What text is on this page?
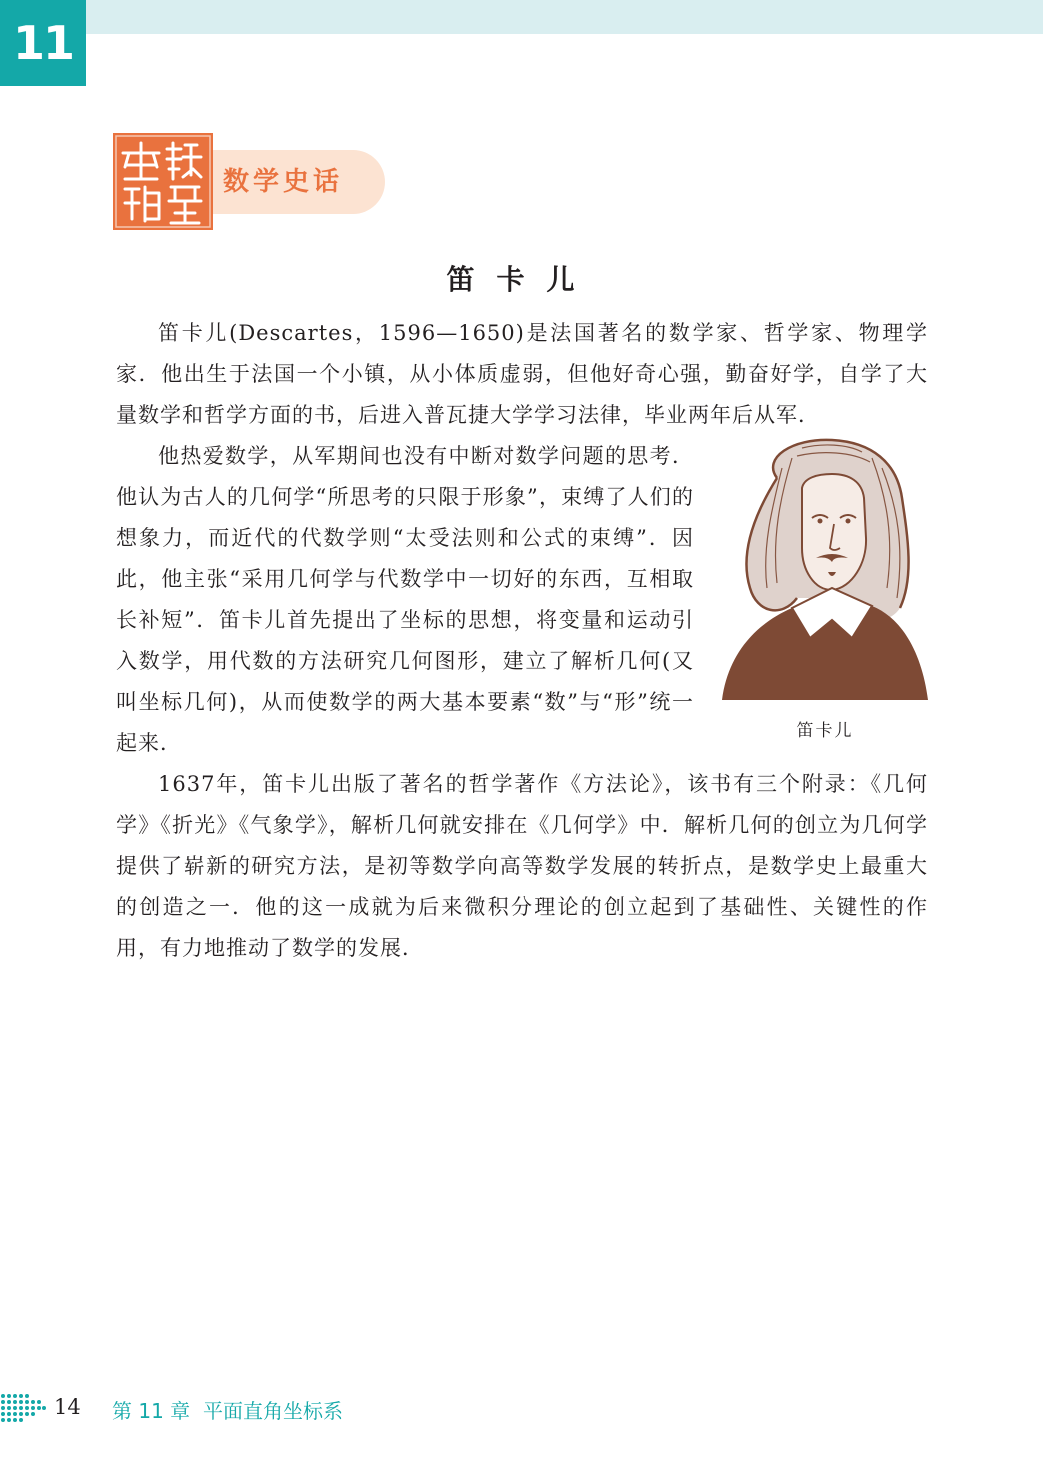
11
数学史话
笛卡儿

笛卡儿(Descartes，1596—1650)是法国著名的数学家、哲学家、物理学家．他出生于法国一个小镇，从小体质虚弱，但他好奇心强，勤奋好学，自学了大量数学和哲学方面的书，后进入普瓦捷大学学习法律，毕业两年后从军．

他热爱数学，从军期间也没有中断对数学问题的思考．他认为古人的几何学“所思考的只限于形象”，束缚了人们的想象力，而近代的代数学则“太受法则和公式的束缚”．因此，他主张“采用几何学与代数学中一切好的东西，互相取长补短”．笛卡儿首先提出了坐标的思想，将变量和运动引入数学，用代数的方法研究几何图形，建立了解析几何(又叫坐标几何)，从而使数学的两大基本要素“数”与“形”统一起来．

1637年，笛卡儿出版了著名的哲学著作《方法论》，该书有三个附录：《几何学》《折光》《气象学》，解析几何就安排在《几何学》中．解析几何的创立为几何学提供了崭新的研究方法，是初等数学向高等数学发展的转折点，是数学史上最重大的创造之一．他的这一成就为后来微积分理论的创立起到了基础性、关键性的作用，有力地推动了数学的发展．

笛卡儿
14 第 11 章 平面直角坐标系
